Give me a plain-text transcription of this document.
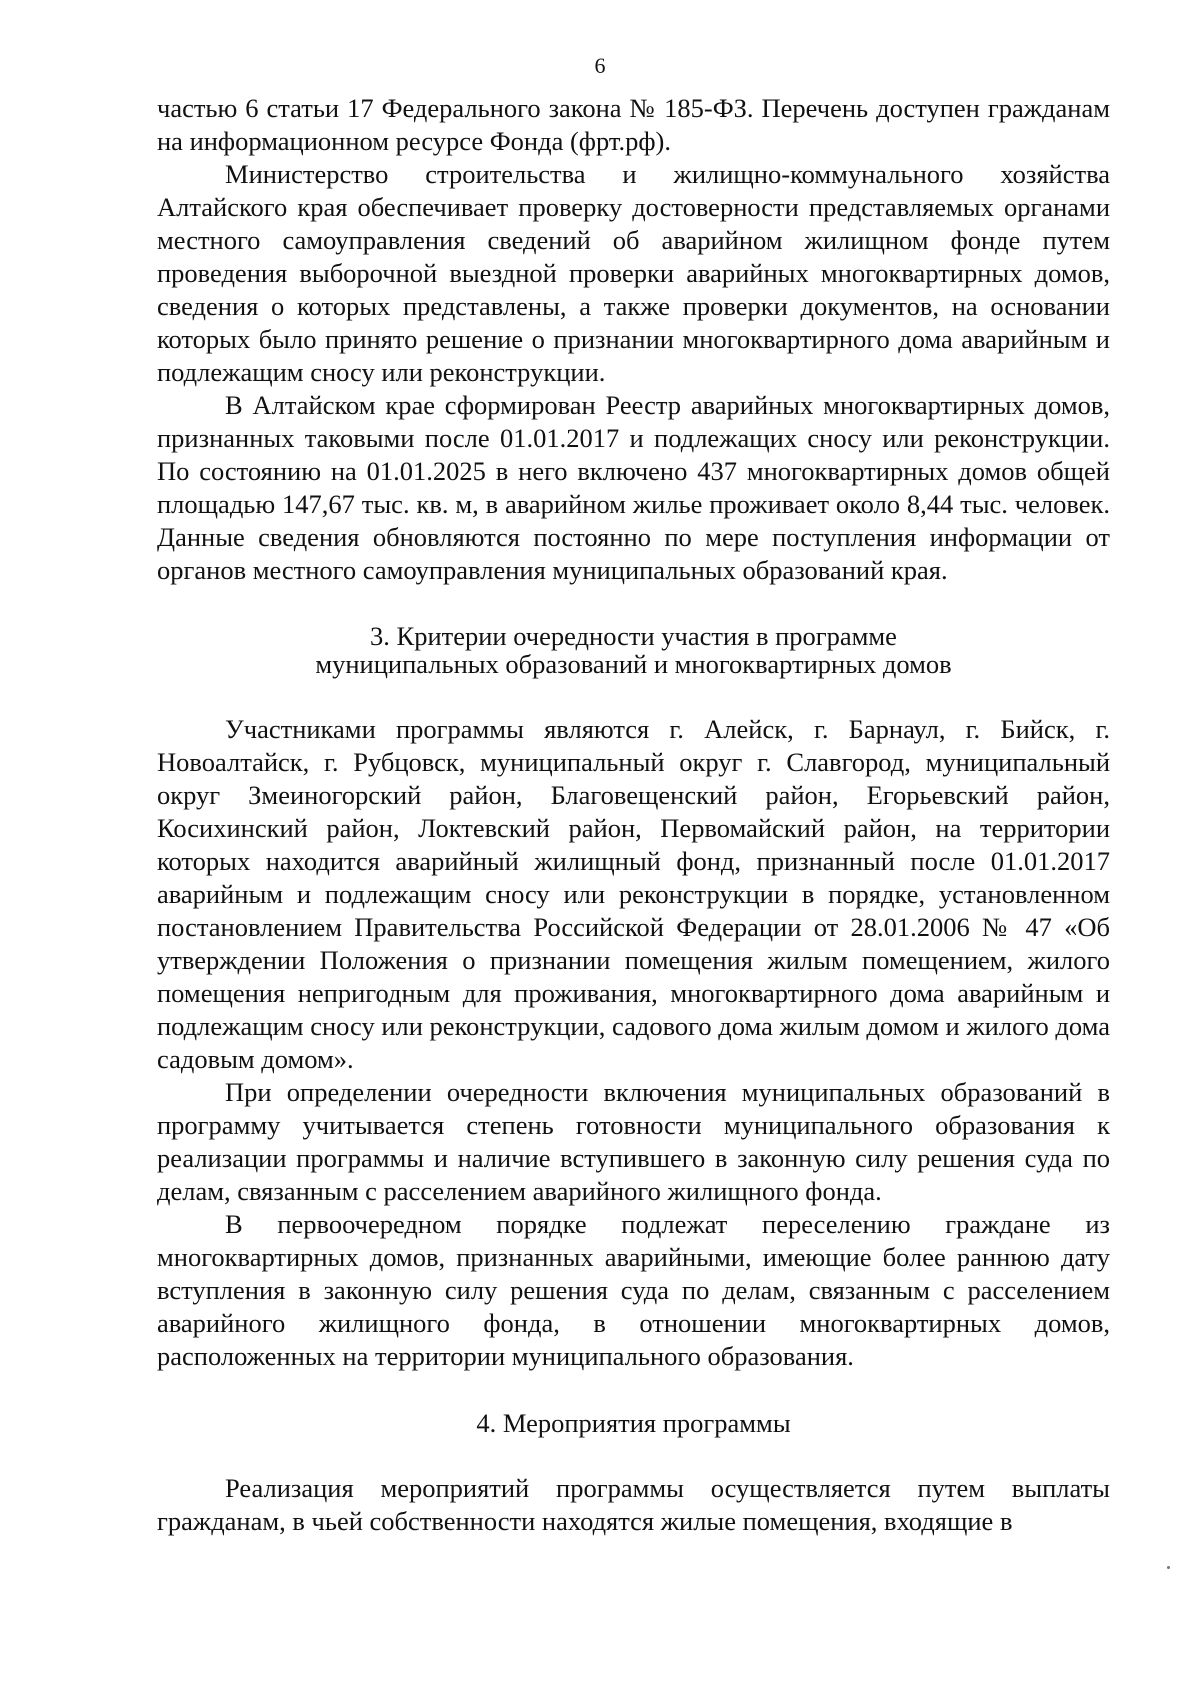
6

частью 6 статьи 17 Федерального закона № 185-ФЗ. Перечень доступен гражданам на информационном ресурсе Фонда (фрт.рф).

Министерство строительства и жилищно-коммунального хозяйства Алтайского края обеспечивает проверку достоверности представляемых органами местного самоуправления сведений об аварийном жилищном фонде путем проведения выборочной выездной проверки аварийных многоквартирных домов, сведения о которых представлены, а также проверки документов, на основании которых было принято решение о признании многоквартирного дома аварийным и подлежащим сносу или реконструкции.

В Алтайском крае сформирован Реестр аварийных многоквартирных домов, признанных таковыми после 01.01.2017 и подлежащих сносу или реконструкции. По состоянию на 01.01.2025 в него включено 437 многоквартирных домов общей площадью 147,67 тыс. кв. м, в аварийном жилье проживает около 8,44 тыс. человек. Данные сведения обновляются постоянно по мере поступления информации от органов местного самоуправления муниципальных образований края.

3. Критерии очередности участия в программе
муниципальных образований и многоквартирных домов

Участниками программы являются г. Алейск, г. Барнаул, г. Бийск, г. Новоалтайск, г. Рубцовск, муниципальный округ г. Славгород, муниципальный округ Змеиногорский район, Благовещенский район, Егорьевский район, Косихинский район, Локтевский район, Первомайский район, на территории которых находится аварийный жилищный фонд, признанный после 01.01.2017 аварийным и подлежащим сносу или реконструкции в порядке, установленном постановлением Правительства Российской Федерации от 28.01.2006 № 47 «Об утверждении Положения о признании помещения жилым помещением, жилого помещения непригодным для проживания, многоквартирного дома аварийным и подлежащим сносу или реконструкции, садового дома жилым домом и жилого дома садовым домом».

При определении очередности включения муниципальных образований в программу учитывается степень готовности муниципального образования к реализации программы и наличие вступившего в законную силу решения суда по делам, связанным с расселением аварийного жилищного фонда.

В первоочередном порядке подлежат переселению граждане из многоквартирных домов, признанных аварийными, имеющие более раннюю дату вступления в законную силу решения суда по делам, связанным с расселением аварийного жилищного фонда, в отношении многоквартирных домов, расположенных на территории муниципального образования.

4. Мероприятия программы

Реализация мероприятий программы осуществляется путем выплаты гражданам, в чьей собственности находятся жилые помещения, входящие в
